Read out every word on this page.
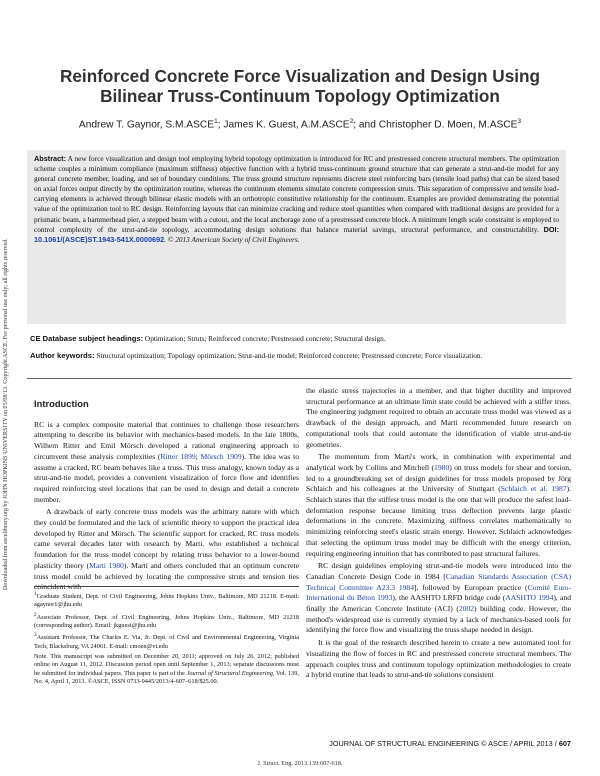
Downloaded from ascelibrary.org by JOHN HOPKINS UNIVERSITY on 05/08/13. Copyright ASCE. For personal use only; all rights reserved.
Reinforced Concrete Force Visualization and Design Using Bilinear Truss-Continuum Topology Optimization
Andrew T. Gaynor, S.M.ASCE$^1$; James K. Guest, A.M.ASCE$^2$; and Christopher D. Moen, M.ASCE$^3$
Abstract: A new force visualization and design tool employing hybrid topology optimization is introduced for RC and prestressed concrete structural members. The optimization scheme couples a minimum compliance (maximum stiffness) objective function with a hybrid truss-continuum ground structure that can generate a strut-and-tie model for any general concrete member, loading, and set of boundary conditions. The truss ground structure represents discrete steel reinforcing bars (tensile load paths) that can be sized based on axial forces output directly by the optimization routine, whereas the continuum elements simulate concrete compression struts. This separation of compressive and tensile load-carrying elements is achieved through bilinear elastic models with an orthotropic constitutive relationship for the continuum. Examples are provided demonstrating the potential value of the optimization tool to RC design. Reinforcing layouts that can minimize cracking and reduce steel quantities when compared with traditional designs are provided for a prismatic beam, a hammerhead pier, a stepped beam with a cutout, and the local anchorage zone of a prestressed concrete block. A minimum length scale constraint is employed to control complexity of the strut-and-tie topology, accommodating design solutions that balance material savings, structural performance, and constructability. DOI: 10.1061/(ASCE)ST.1943-541X.0000692. © 2013 American Society of Civil Engineers.
CE Database subject headings: Optimization; Struts; Reinforced concrete; Prestressed concrete; Structural design.
Author keywords: Structural optimization; Topology optimization; Strut-and-tie model; Reinforced concrete; Prestressed concrete; Force visualization.
Introduction

RC is a complex composite material that continues to challenge those researchers attempting to describe its behavior with mechanics-based models. In the late 1800s, Wilhem Ritter and Emil Mörsch developed a rational engineering approach to circumvent these analysis complexities (Ritter 1899; Mörsch 1909). The idea was to assume a cracked, RC beam behaves like a truss. This truss analogy, known today as a strut-and-tie model, provides a convenient visualization of force flow and identifies required reinforcing steel locations that can be used to design and detail a concrete member.

A drawback of early concrete truss models was the arbitrary nature with which they could be formulated and the lack of scientific theory to support the practical idea developed by Ritter and Mörsch. The scientific support for cracked, RC truss models came several decades later with research by Marti, who established a technical foundation for the truss model concept by relating truss behavior to a lower-bound plasticity theory (Marti 1980). Marti and others concluded that an optimum concrete truss model could be achieved by locating the compressive struts and tension ties coincident with

$^1$Graduate Student, Dept. of Civil Engineering, Johns Hopkins Univ., Baltimore, MD 21218. E-mail: agaynor1@jhu.edu

$^2$Associate Professor, Dept. of Civil Engineering, Johns Hopkins Univ., Baltimore, MD 21218 (corresponding author). Email: jkguest@jhu.edu

$^3$Assistant Professor, The Charles E. Via, Jr. Dept. of Civil and Environmental Engineering, Virginia Tech, Blacksburg, VA 24061. E-mail: cmoen@vt.edu

Note. This manuscript was submitted on December 20, 2011; approved on July 26, 2012; published online on August 11, 2012. Discussion period open until September 1, 2013; separate discussions must be submitted for individual papers. This paper is part of the Journal of Structural Engineering, Vol. 139, No. 4, April 1, 2013. ©ASCE, ISSN 0733-9445/2013/4-607–618/$25.00.

the elastic stress trajectories in a member, and that higher ductility and improved structural performance at an ultimate limit state could be achieved with a stiffer truss. The engineering judgment required to obtain an accurate truss model was viewed as a drawback of the design approach, and Marti recommended future research on computational tools that could automate the identification of viable strut-and-tie geometries.

The momentum from Marti's work, in combination with experimental and analytical work by Collins and Mitchell (1980) on truss models for shear and torsion, led to a groundbreaking set of design guidelines for truss models proposed by Jörg Schlaich and his colleagues at the University of Stuttgart (Schlaich et al. 1987). Schlaich states that the stiffest truss model is the one that will produce the safest load-deformation response because limiting truss deflection prevents large plastic deformations in the concrete. Maximizing stiffness correlates mathematically to minimizing reinforcing steel's elastic strain energy. However, Schlaich acknowledges that selecting the optimum truss model may be difficult with the energy criterion, requiring engineering intuition that has contributed to past structural failures.

RC design guidelines employing strut-and-tie models were introduced into the Canadian Concrete Design Code in 1984 [Canadian Standards Association (CSA) Technical Committee A23.3 1984], followed by European practice (Comité Euro-International du Béton 1993), the AASHTO LRFD bridge code (AASHTO 1994), and finally the American Concrete Institute (ACI) (2002) building code. However, the method's widespread use is currently stymied by a lack of mechanics-based tools for identifying the force flow and visualizing the truss shape needed in design.

It is the goal of the research described herein to create a new automated tool for visualizing the flow of forces in RC and prestressed concrete structural members. The approach couples truss and continuum topology optimization methodologies to create a hybrid routine that leads to strut-and-tie solutions consistent

JOURNAL OF STRUCTURAL ENGINEERING © ASCE / APRIL 2013 / 607
J. Struct. Eng. 2013.139:607-618.
